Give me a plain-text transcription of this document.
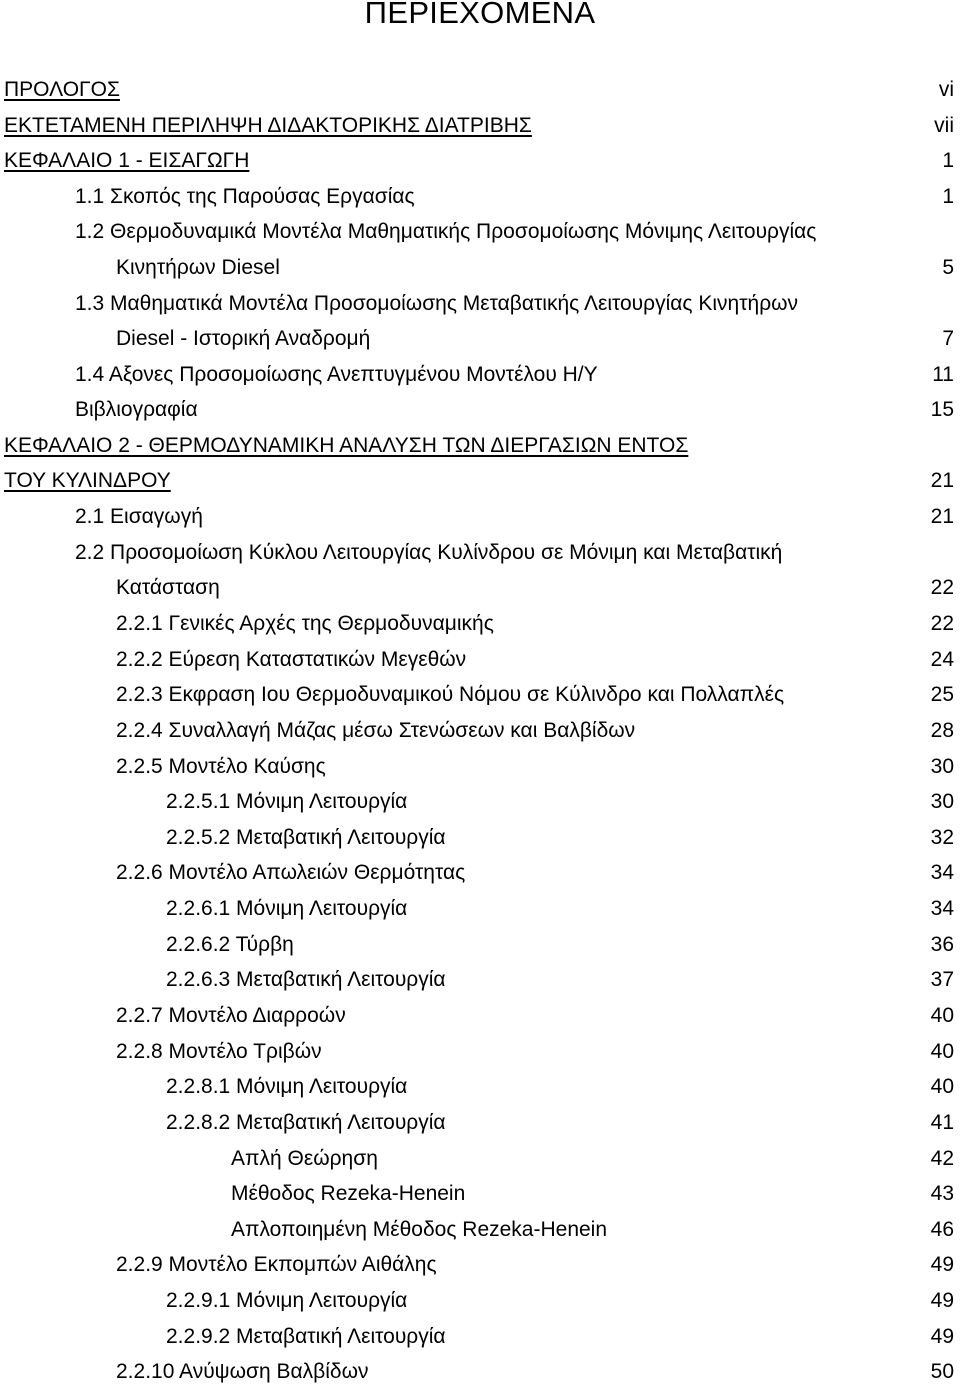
ΠΕΡΙΕΧΟΜΕΝΑ
ΠΡΟΛΟΓΟΣ	vi
ΕΚΤΕΤΑΜΕΝΗ ΠΕΡΙΛΗΨΗ ΔΙΔΑΚΤΟΡΙΚΗΣ ΔΙΑΤΡΙΒΗΣ	vii
ΚΕΦΑΛΑΙΟ 1 - ΕΙΣΑΓΩΓΗ	1
1.1 Σκοπός της Παρούσας Εργασίας	1
1.2 Θερμοδυναμικά Μοντέλα Μαθηματικής Προσομοίωσης Μόνιμης Λειτουργίας
Κινητήρων Diesel	5
1.3 Μαθηματικά Μοντέλα Προσομοίωσης Μεταβατικής Λειτουργίας Κινητήρων
Diesel - Ιστορική Αναδρομή	7
1.4 Αξονες Προσομοίωσης Ανεπτυγμένου Μοντέλου Η/Υ	11
Βιβλιογραφία	15
ΚΕΦΑΛΑΙΟ 2 - ΘΕΡΜΟΔΥΝΑΜΙΚΗ ΑΝΑΛΥΣΗ ΤΩΝ ΔΙΕΡΓΑΣΙΩΝ ΕΝΤΟΣ
ΤΟΥ ΚΥΛΙΝΔΡΟΥ	21
2.1 Εισαγωγή	21
2.2 Προσομοίωση Κύκλου Λειτουργίας Κυλίνδρου σε Μόνιμη και Μεταβατική
Κατάσταση	22
2.2.1 Γενικές Αρχές της Θερμοδυναμικής	22
2.2.2 Εύρεση Καταστατικών Μεγεθών	24
2.2.3 Εκφραση Ιου Θερμοδυναμικού Νόμου σε Κύλινδρο και Πολλαπλές	25
2.2.4 Συναλλαγή Μάζας μέσω Στενώσεων και Βαλβίδων	28
2.2.5 Μοντέλο Καύσης	30
2.2.5.1 Μόνιμη Λειτουργία	30
2.2.5.2 Μεταβατική Λειτουργία	32
2.2.6 Μοντέλο Απωλειών Θερμότητας	34
2.2.6.1 Μόνιμη Λειτουργία	34
2.2.6.2 Τύρβη	36
2.2.6.3 Μεταβατική Λειτουργία	37
2.2.7 Μοντέλο Διαρροών	40
2.2.8 Μοντέλο Τριβών	40
2.2.8.1 Μόνιμη Λειτουργία	40
2.2.8.2 Μεταβατική Λειτουργία	41
Απλή Θεώρηση	42
Μέθοδος Rezeka-Henein	43
Απλοποιημένη Μέθοδος Rezeka-Henein	46
2.2.9 Μοντέλο Εκπομπών Αιθάλης	49
2.2.9.1 Μόνιμη Λειτουργία	49
2.2.9.2 Μεταβατική Λειτουργία	49
2.2.10 Ανύψωση Βαλβίδων	50
